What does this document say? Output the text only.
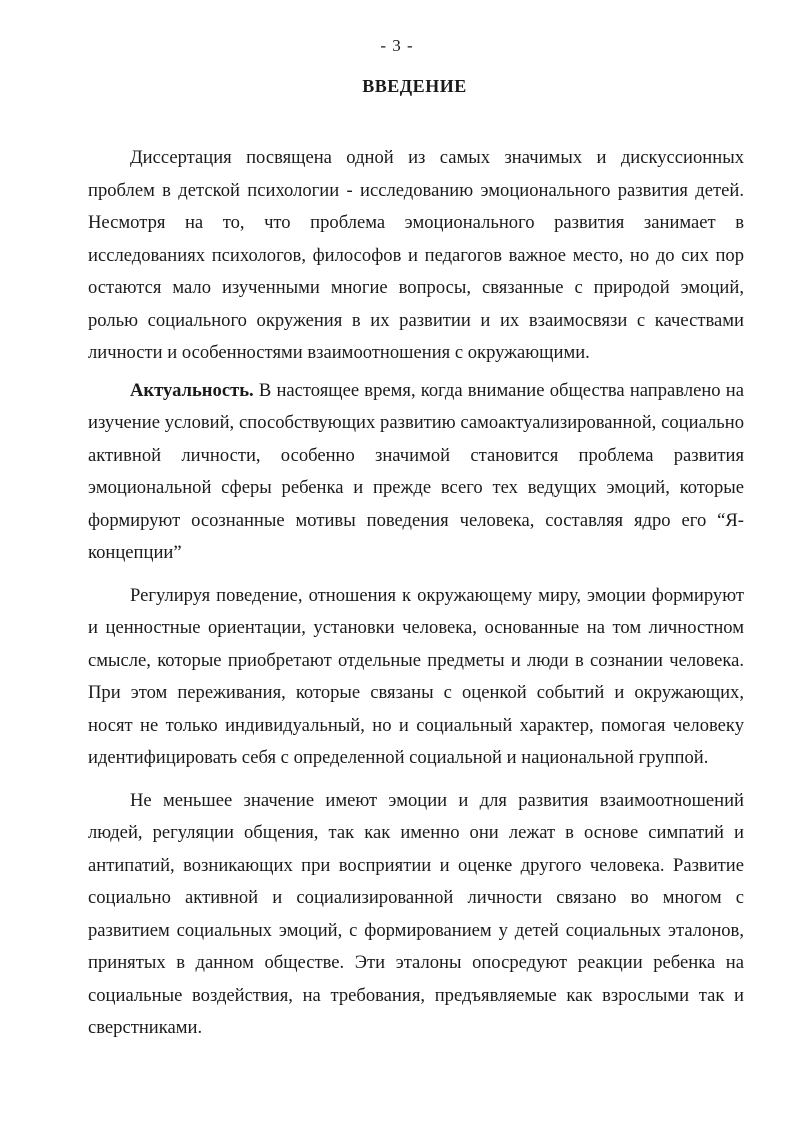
- 3 -
ВВЕДЕНИЕ

Диссертация посвящена одной из самых значимых и дискуссионных проблем в детской психологии - исследованию эмоционального развития детей. Несмотря на то, что проблема эмоционального развития занимает в исследованиях психологов, философов и педагогов важное место, но до сих пор остаются мало изученными многие вопросы, связанные с природой эмоций, ролью социального окружения в их развитии и их взаимосвязи с качествами личности и особенностями взаимоотношения с окружающими.

Актуальность. В настоящее время, когда внимание общества направлено на изучение условий, способствующих развитию самоактуализированной, социально активной личности, особенно значимой становится проблема развития эмоциональной сферы ребенка и прежде всего тех ведущих эмоций, которые формируют осознанные мотивы поведения человека, составляя ядро его “Я- концепции”

Регулируя поведение, отношения к окружающему миру, эмоции формируют и ценностные ориентации, установки человека, основанные на том личностном смысле, которые приобретают отдельные предметы и люди в сознании человека. При этом переживания, которые связаны с оценкой событий и окружающих, носят не только индивидуальный, но и социальный характер, помогая человеку идентифицировать себя с определенной социальной и национальной группой.

Не меньшее значение имеют эмоции и для развития взаимоотношений людей, регуляции общения, так как именно они лежат в основе симпатий и антипатий, возникающих при восприятии и оценке другого человека. Развитие социально активной и социализированной личности связано во многом с развитием социальных эмоций, с формированием у детей социальных эталонов, принятых в данном обществе. Эти эталоны опосредуют реакции ребенка на социальные воздействия, на требования, предъявляемые как взрослыми так и сверстниками.
